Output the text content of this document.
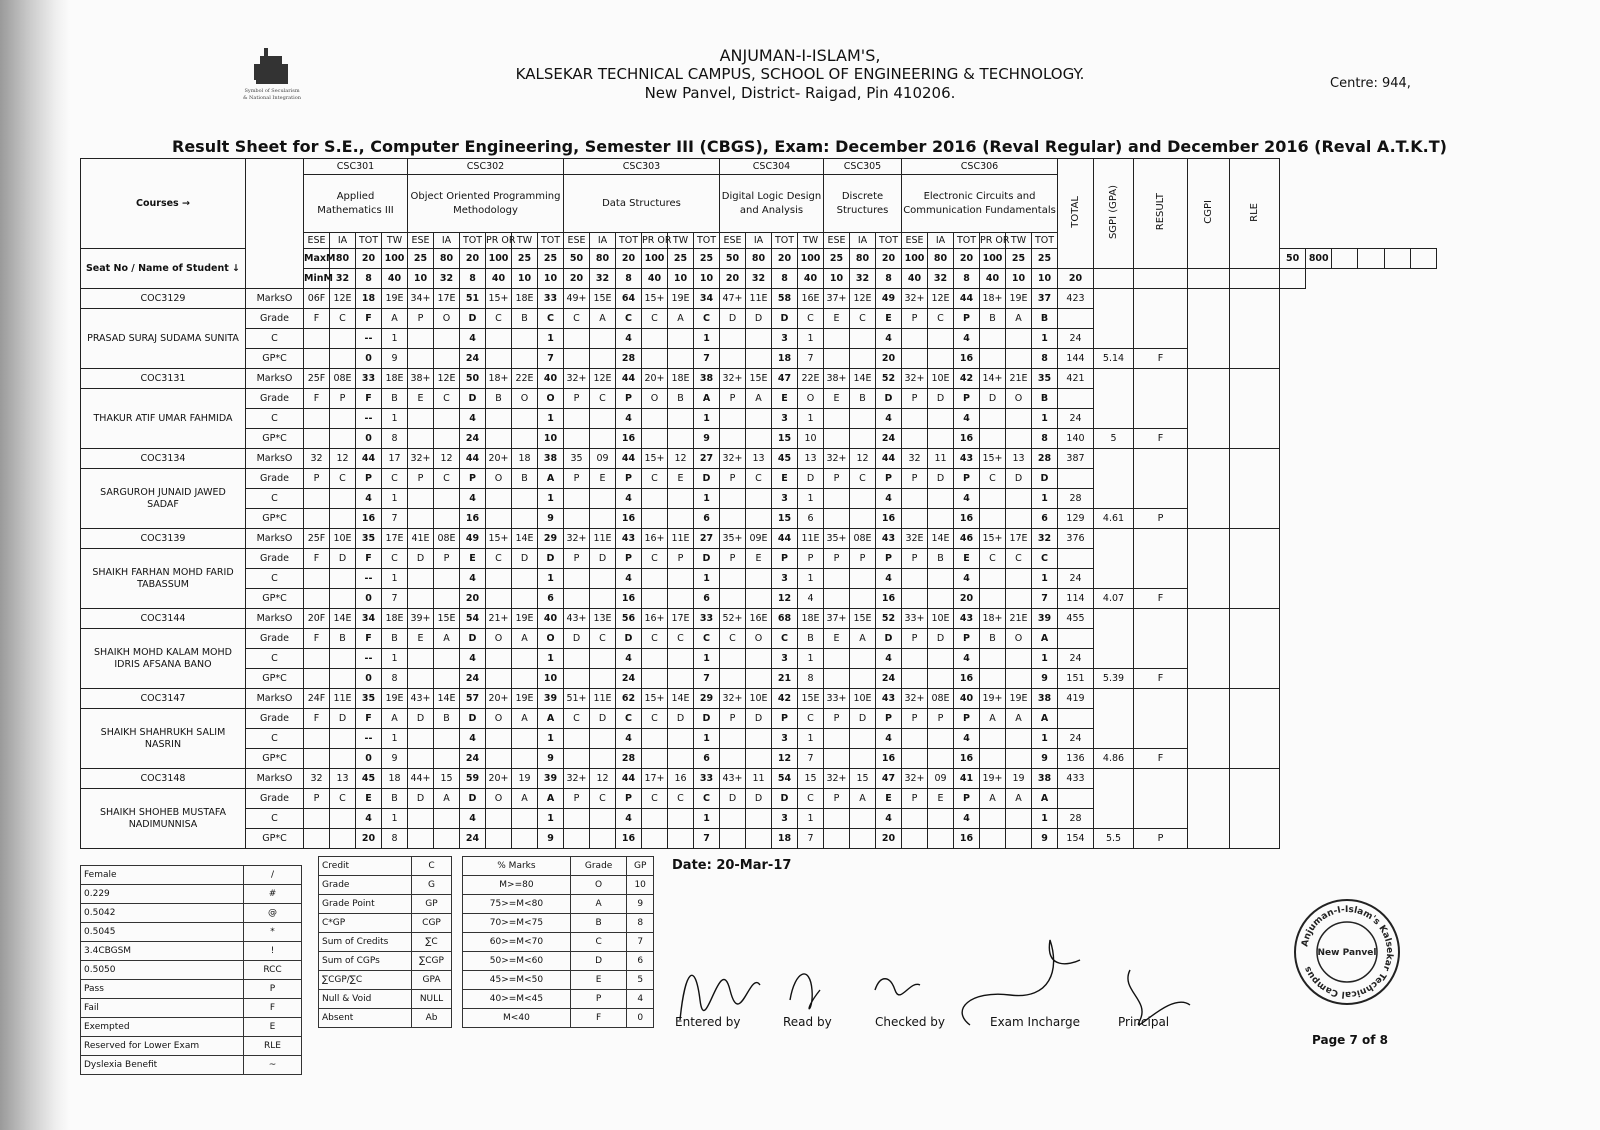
Symbol of Secularism
& National Integration
ANJUMAN-I-ISLAM'S,
KALSEKAR TECHNICAL CAMPUS, SCHOOL OF ENGINEERING & TECHNOLOGY.
New Panvel, District- Raigad, Pin 410206.
Centre: 944,
Result Sheet for S.E., Computer Engineering, Semester III (CBGS), Exam: December 2016 (Reval Regular) and December 2016 (Reval A.T.K.T)
Courses →		CSC301				CSC302						CSC303						CSC304				CSC305			CSC306						TOTAL	SGPI (GPA)	RESULT	CGPI	RLE						
		Applied Mathematics III				Object Oriented Programming Methodology						Data Structures						Digital Logic Design and Analysis				Discrete Structures			Electronic Circuits and Communication Fundamentals																
		ESE	IA	TOT	TW	ESE	IA	TOT	PR OR	TW	TOT	ESE	IA	TOT	PR OR	TW	TOT	ESE	IA	TOT	TW	ESE	IA	TOT	ESE	IA	TOT	PR OR	TW	TOT											
Seat No / Name of Student ↓		MaxM	80	20	100	25	80	20	100	25	25	50	80	20	100	25	25	50	80	20	100	25	80	20	100	80	20	100	25	25						50	800				
		MinM	32	8	40	10	32	8	40	10	10	20	32	8	40	10	10	20	32	8	40	10	32	8	40	32	8	40	10	10	20										
COC3129	MarksO	06F	12E	18	19E	34+	17E	51	15+	18E	33	49+	15E	64	15+	19E	34	47+	11E	58	16E	37+	12E	49	32+	12E	44	18+	19E	37	423										
PRASAD SURAJ SUDAMA SUNITA	Grade	F	C	F	A	P	O	D	C	B	C	C	A	C	C	A	C	D	D	D	C	E	C	E	P	C	P	B	A	B											
	C			--	1			4			1			4			1			3	1			4			4			1	24										
	GP*C			0	9			24			7			28			7			18	7			20			16			8	144	5.14	F								
COC3131	MarksO	25F	08E	33	18E	38+	12E	50	18+	22E	40	32+	12E	44	20+	18E	38	32+	15E	47	22E	38+	14E	52	32+	10E	42	14+	21E	35	421										
THAKUR ATIF UMAR FAHMIDA	Grade	F	P	F	B	E	C	D	B	O	O	P	C	P	O	B	A	P	A	E	O	E	B	D	P	D	P	D	O	B											
	C			--	1			4			1			4			1			3	1			4			4			1	24										
	GP*C			0	8			24			10			16			9			15	10			24			16			8	140	5	F								
COC3134	MarksO	32	12	44	17	32+	12	44	20+	18	38	35	09	44	15+	12	27	32+	13	45	13	32+	12	44	32	11	43	15+	13	28	387										
SARGUROH JUNAID JAWED SADAF	Grade	P	C	P	C	P	C	P	O	B	A	P	E	P	C	E	D	P	C	E	D	P	C	P	P	D	P	C	D	D											
	C			4	1			4			1			4			1			3	1			4			4			1	28										
	GP*C			16	7			16			9			16			6			15	6			16			16			6	129	4.61	P								
COC3139	MarksO	25F	10E	35	17E	41E	08E	49	15+	14E	29	32+	11E	43	16+	11E	27	35+	09E	44	11E	35+	08E	43	32E	14E	46	15+	17E	32	376										
SHAIKH FARHAN MOHD FARID TABASSUM	Grade	F	D	F	C	D	P	E	C	D	D	P	D	P	C	P	D	P	E	P	P	P	P	P	P	B	E	C	C	C											
	C			--	1			4			1			4			1			3	1			4			4			1	24										
	GP*C			0	7			20			6			16			6			12	4			16			20			7	114	4.07	F								
COC3144	MarksO	20F	14E	34	18E	39+	15E	54	21+	19E	40	43+	13E	56	16+	17E	33	52+	16E	68	18E	37+	15E	52	33+	10E	43	18+	21E	39	455										
SHAIKH MOHD KALAM MOHD IDRIS AFSANA BANO	Grade	F	B	F	B	E	A	D	O	A	O	D	C	D	C	C	C	C	O	C	B	E	A	D	P	D	P	B	O	A											
	C			--	1			4			1			4			1			3	1			4			4			1	24										
	GP*C			0	8			24			10			24			7			21	8			24			16			9	151	5.39	F								
COC3147	MarksO	24F	11E	35	19E	43+	14E	57	20+	19E	39	51+	11E	62	15+	14E	29	32+	10E	42	15E	33+	10E	43	32+	08E	40	19+	19E	38	419										
SHAIKH SHAHRUKH SALIM NASRIN	Grade	F	D	F	A	D	B	D	O	A	A	C	D	C	C	D	D	P	D	P	C	P	D	P	P	P	P	A	A	A											
	C			--	1			4			1			4			1			3	1			4			4			1	24										
	GP*C			0	9			24			9			28			6			12	7			16			16			9	136	4.86	F								
COC3148	MarksO	32	13	45	18	44+	15	59	20+	19	39	32+	12	44	17+	16	33	43+	11	54	15	32+	15	47	32+	09	41	19+	19	38	433										
SHAIKH SHOHEB MUSTAFA NADIMUNNISA	Grade	P	C	E	B	D	A	D	O	A	A	P	C	P	C	C	C	D	D	D	C	P	A	E	P	E	P	A	A	A											
	C			4	1			4			1			4			1			3	1			4			4			1	28										
	GP*C			20	8			24			9			16			7			18	7			20			16			9	154	5.5	P								
Female	/
0.229	#
0.5042	@
0.5045	*
3.4CBGSM	!
0.5050	RCC
Pass	P
Fail	F
Exempted	E
Reserved for Lower Exam	RLE
Dyslexia Benefit	~
Credit	C
Grade	G
Grade Point	GP
C*GP	CGP
Sum of Credits	∑C
Sum of CGPs	∑CGP
∑CGP/∑C	GPA
Null & Void	NULL
Absent	Ab
% Marks	Grade	GP
M>=80	O	10
75>=M<80	A	9
70>=M<75	B	8
60>=M<70	C	7
50>=M<60	D	6
45>=M<50	E	5
40>=M<45	P	4
M<40	F	0
Date: 20-Mar-17
Entered by	Read by	Checked by	Exam Incharge	Principal
Anjuman-I-Islam's Kalsekar Technical Campus
New Panvel
Page 7 of 8
